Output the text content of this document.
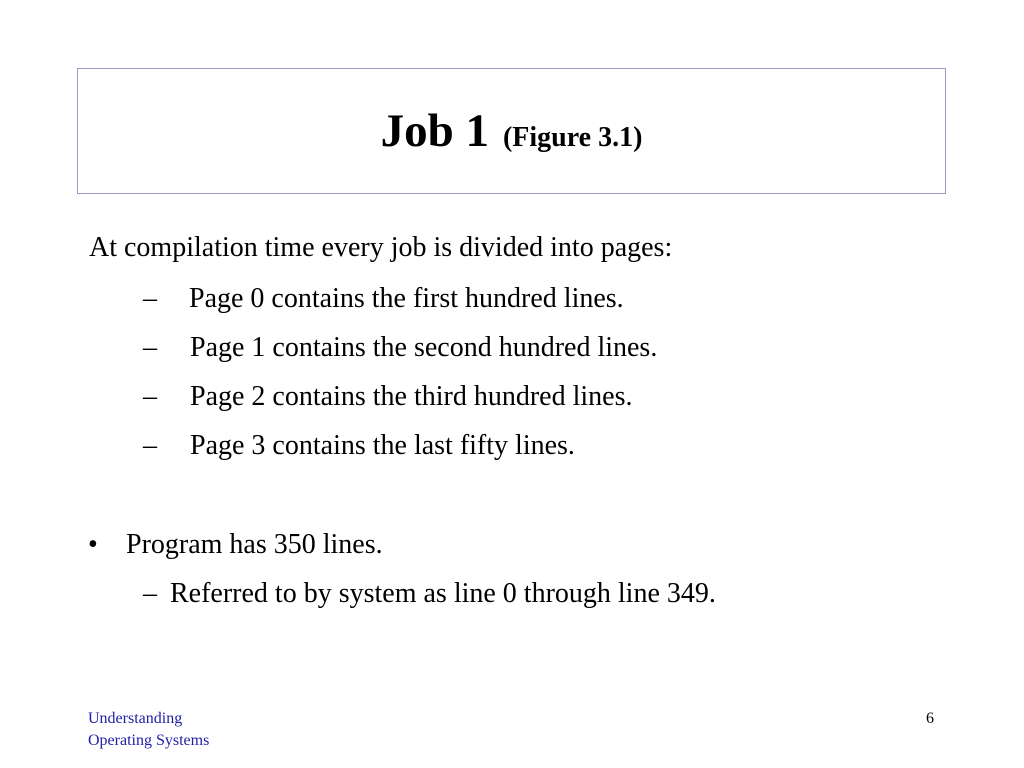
Job 1 (Figure 3.1)
At compilation time every job is divided into pages:
– Page 0 contains the first hundred lines.
– Page 1 contains the second hundred lines.
– Page 2 contains the third hundred lines.
– Page 3 contains the last fifty lines.
• Program has 350 lines.
– Referred to by system as line 0 through line 349.
Understanding
Operating Systems
6
